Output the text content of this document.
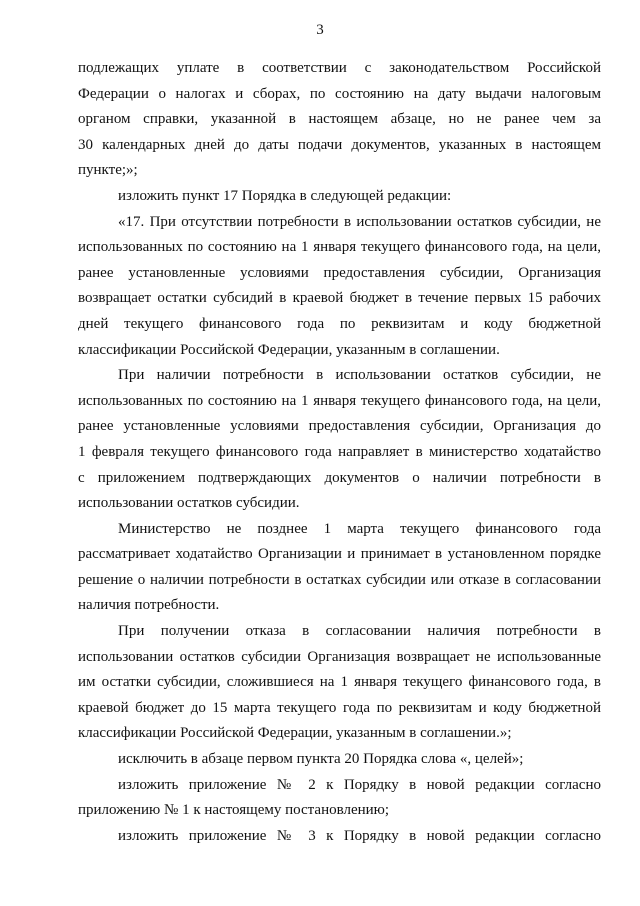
3
подлежащих уплате в соответствии с законодательством Российской
Федерации о налогах и сборах, по состоянию на дату выдачи налоговым
органом справки, указанной в настоящем абзаце, но не ранее чем за
30 календарных дней до даты подачи документов, указанных в настоящем
пункте;»;
изложить пункт 17 Порядка в следующей редакции:
«17. При отсутствии потребности в использовании остатков субсидии, не
использованных по состоянию на 1 января текущего финансового года, на цели,
ранее установленные условиями предоставления субсидии, Организация
возвращает остатки субсидий в краевой бюджет в течение первых 15 рабочих
дней текущего финансового года по реквизитам и коду бюджетной
классификации Российской Федерации, указанным в соглашении.
При наличии потребности в использовании остатков субсидии, не
использованных по состоянию на 1 января текущего финансового года, на цели,
ранее установленные условиями предоставления субсидии, Организация до
1 февраля текущего финансового года направляет в министерство ходатайство
с приложением подтверждающих документов о наличии потребности в
использовании остатков субсидии.
Министерство не позднее 1 марта текущего финансового года
рассматривает ходатайство Организации и принимает в установленном порядке
решение о наличии потребности в остатках субсидии или отказе в согласовании
наличия потребности.
При получении отказа в согласовании наличия потребности в
использовании остатков субсидии Организация возвращает не использованные
им остатки субсидии, сложившиеся на 1 января текущего финансового года, в
краевой бюджет до 15 марта текущего года по реквизитам и коду бюджетной
классификации Российской Федерации, указанным в соглашении.»;
исключить в абзаце первом пункта 20 Порядка слова «, целей»;
изложить приложение № 2 к Порядку в новой редакции согласно
приложению № 1 к настоящему постановлению;
изложить приложение № 3 к Порядку в новой редакции согласно
